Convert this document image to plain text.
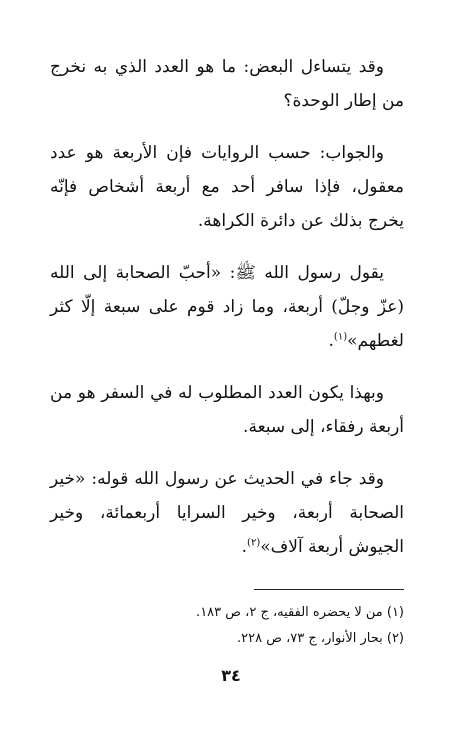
وقد يتساءل البعض: ما هو العدد الذي به نخرج من إطار الوحدة؟

والجواب: حسب الروايات فإن الأربعة هو عدد معقول، فإذا سافر أحد مع أربعة أشخاص فإنّه يخرج بذلك عن دائرة الكراهة.

يقول رسول الله ﷺ: «أحبّ الصحابة إلى الله (عزّ وجلّ) أربعة، وما زاد قوم على سبعة إلّا كثر لغطهم»$^{(١)}$.

وبهذا يكون العدد المطلوب له في السفر هو من أربعة رفقاء، إلى سبعة.

وقد جاء في الحديث عن رسول الله قوله: «خير الصحابة أربعة، وخير السرايا أربعمائة، وخير الجيوش أربعة آلاف»$^{(٢)}$.

(١) من لا يحضره الفقيه، ج ٢، ص ١٨٣.
(٢) بحار الأنوار، ج ٧٣، ص ٢٢٨.
٣٤
